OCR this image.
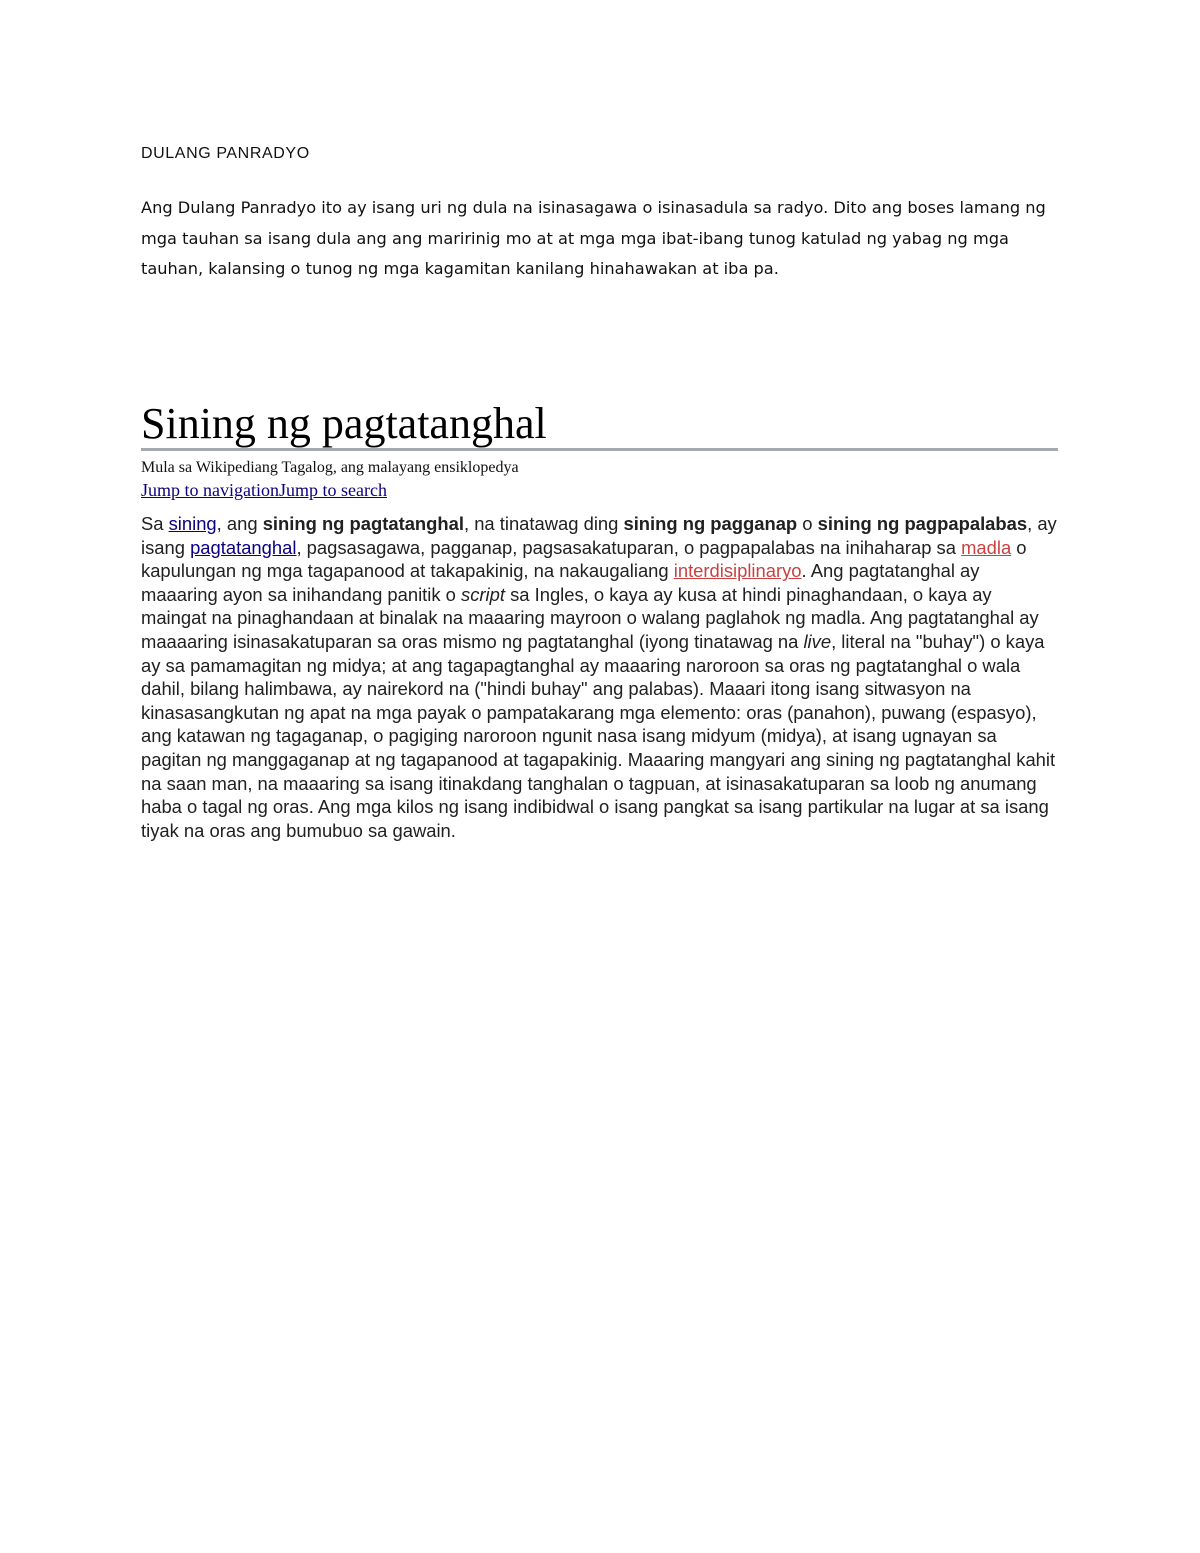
DULANG PANRADYO

Ang Dulang Panradyo ito ay isang uri ng dula na isinasagawa o isinasadula sa radyo. Dito ang boses lamang ng mga tauhan sa isang dula ang ang maririnig mo at at mga mga ibat-ibang tunog katulad ng yabag ng mga tauhan, kalansing o tunog ng mga kagamitan kanilang hinahawakan at iba pa.

Sining ng pagtatanghal

Mula sa Wikipediang Tagalog, ang malayang ensiklopedya

Jump to navigationJump to search

Sa sining, ang sining ng pagtatanghal, na tinatawag ding sining ng pagganap o sining ng pagpapalabas, ay isang pagtatanghal, pagsasagawa, pagganap, pagsasakatuparan, o pagpapalabas na inihaharap sa madla o kapulungan ng mga tagapanood at takapakinig, na nakaugaliang interdisiplinaryo. Ang pagtatanghal ay maaaring ayon sa inihandang panitik o script sa Ingles, o kaya ay kusa at hindi pinaghandaan, o kaya ay maingat na pinaghandaan at binalak na maaaring mayroon o walang paglahok ng madla. Ang pagtatanghal ay maaaaring isinasakatuparan sa oras mismo ng pagtatanghal (iyong tinatawag na live, literal na "buhay") o kaya ay sa pamamagitan ng midya; at ang tagapagtanghal ay maaaring naroroon sa oras ng pagtatanghal o wala dahil, bilang halimbawa, ay nairekord na ("hindi buhay" ang palabas). Maaari itong isang sitwasyon na kinasasangkutan ng apat na mga payak o pampatakarang mga elemento: oras (panahon), puwang (espasyo), ang katawan ng tagaganap, o pagiging naroroon ngunit nasa isang midyum (midya), at isang ugnayan sa pagitan ng manggaganap at ng tagapanood at tagapakinig. Maaaring mangyari ang sining ng pagtatanghal kahit na saan man, na maaaring sa isang itinakdang tanghalan o tagpuan, at isinasakatuparan sa loob ng anumang haba o tagal ng oras. Ang mga kilos ng isang indibidwal o isang pangkat sa isang partikular na lugar at sa isang tiyak na oras ang bumubuo sa gawain.
